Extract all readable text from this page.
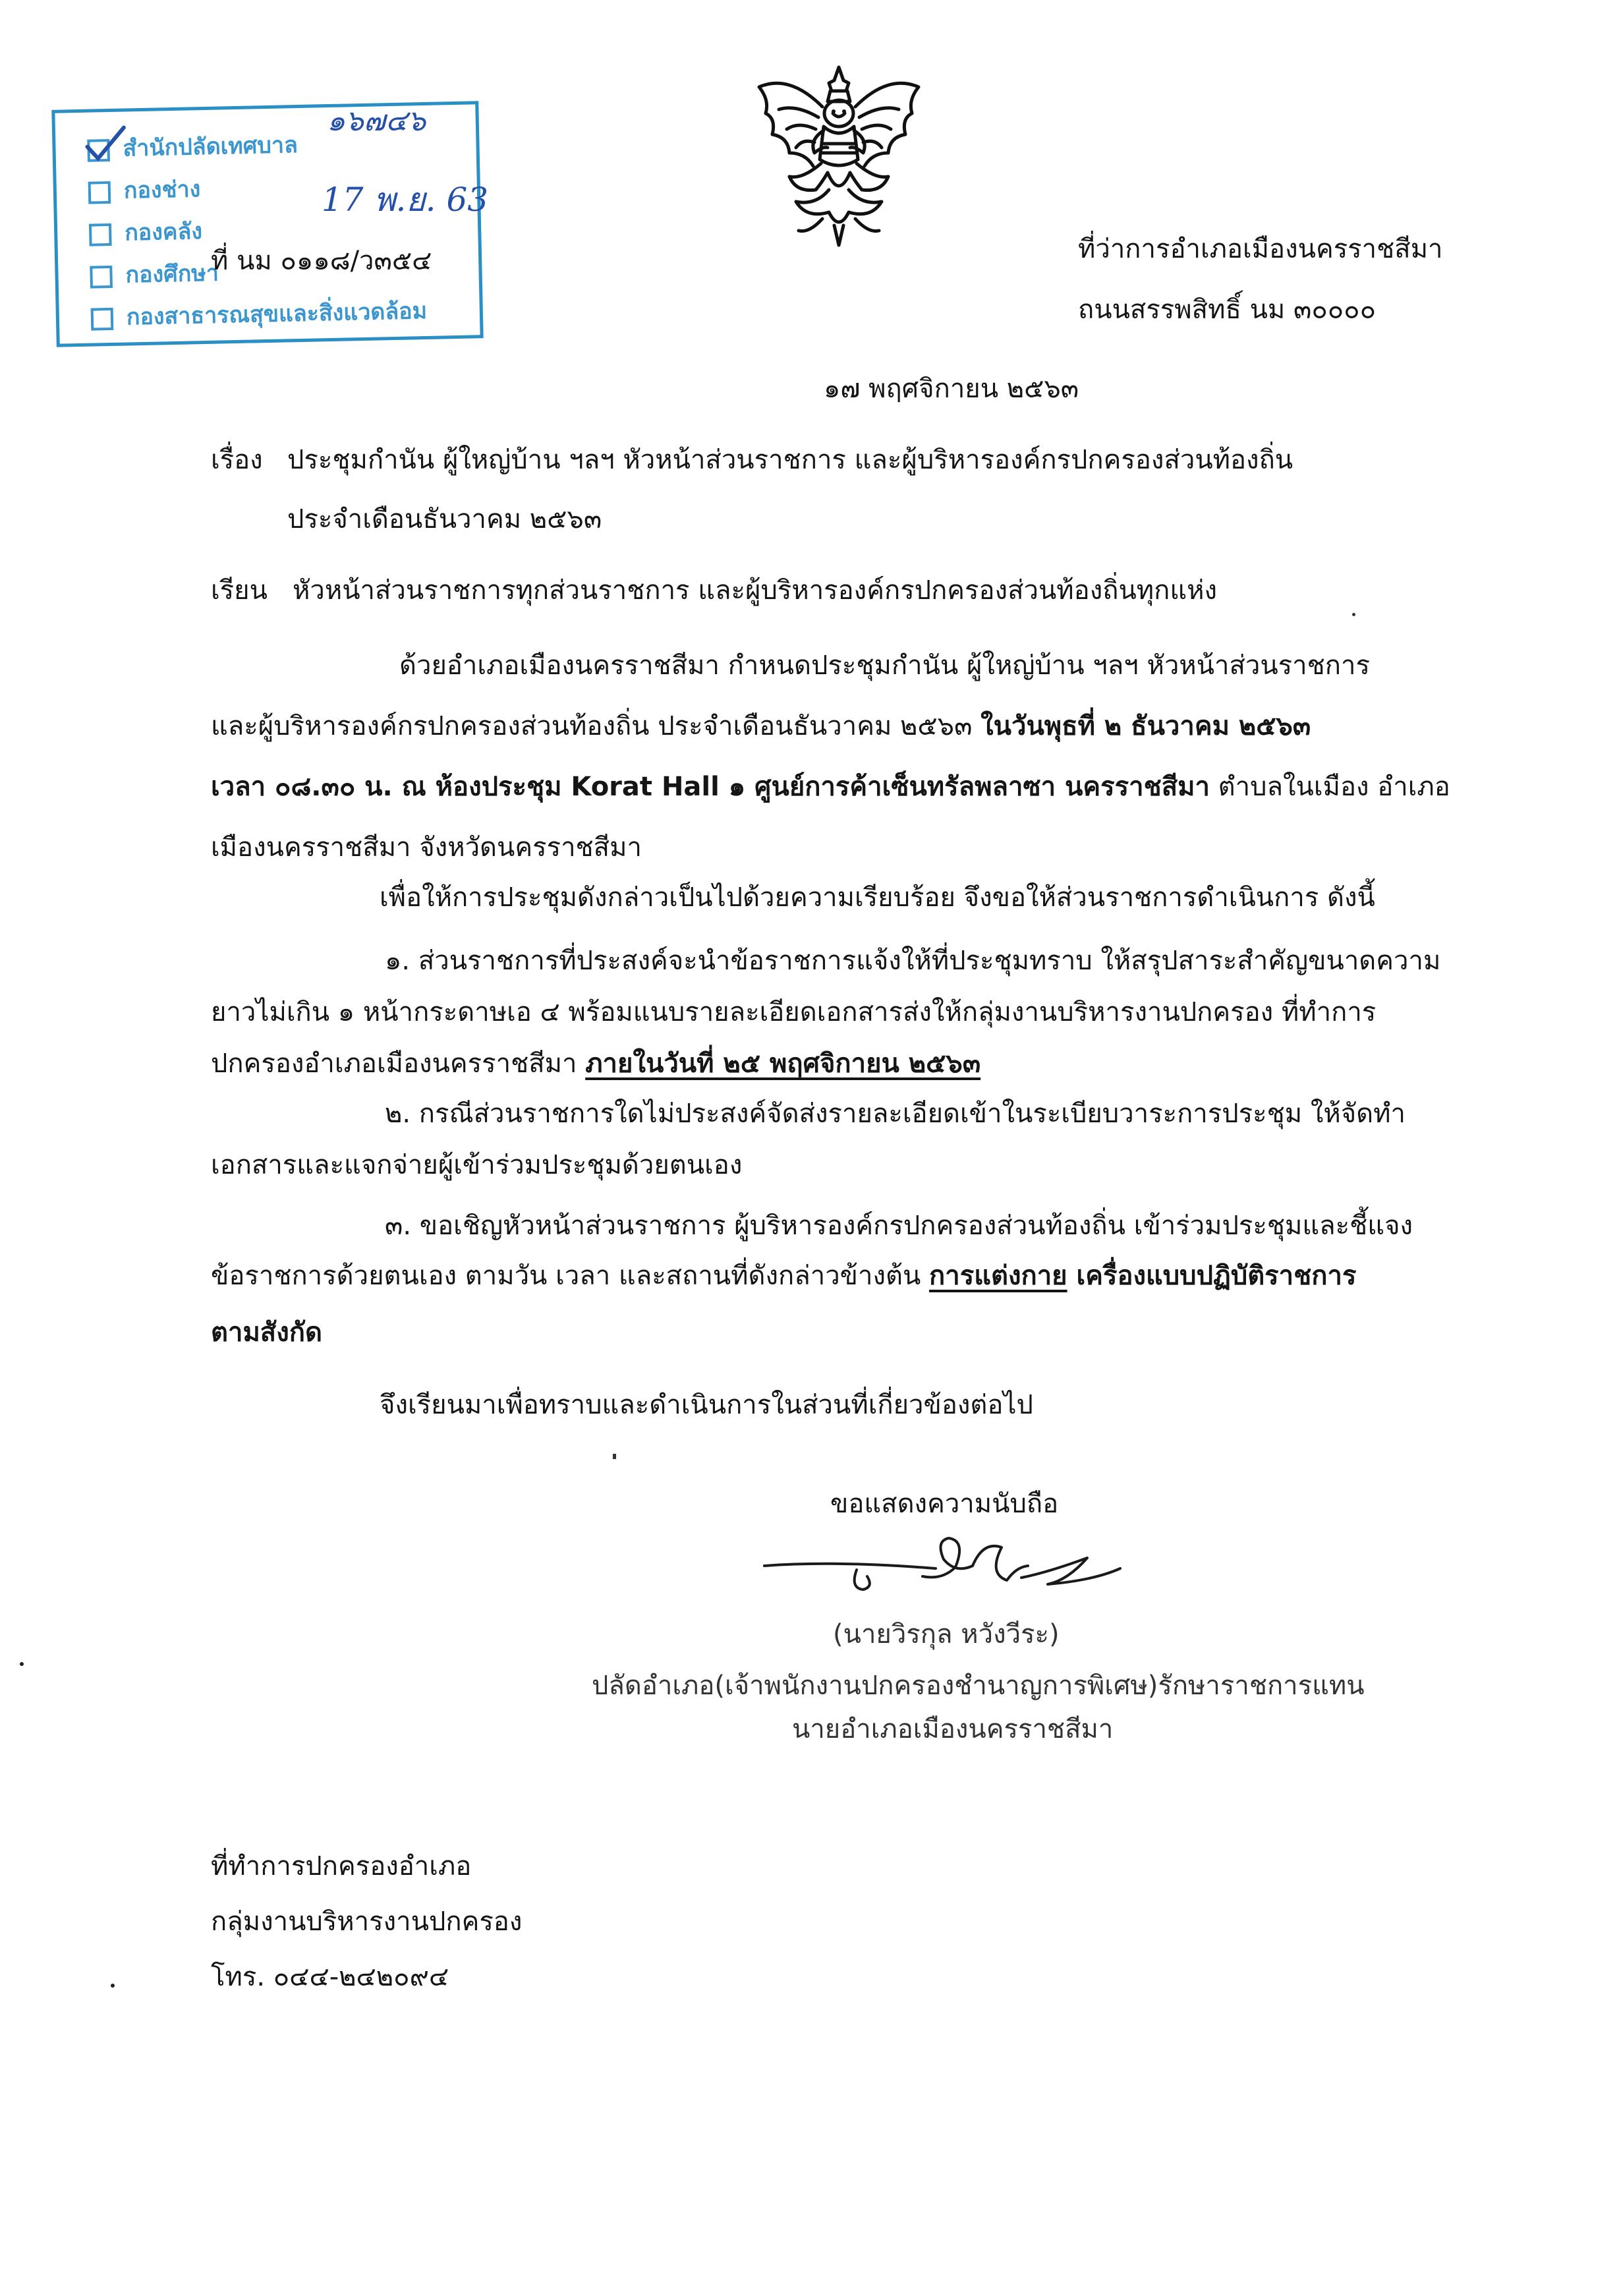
สำนักปลัดเทศบาล
กองช่าง
กองคลัง
กองศึกษา
กองสาธารณสุขและสิ่งแวดล้อม
๑๖๗๔๖
17 พ.ย. 63
ที่ นม ๐๑๑๘/ว๓๕๔	ที่ว่าการอำเภอเมืองนครราชสีมา
ถนนสรรพสิทธิ์ นม ๓๐๐๐๐
๑๗ พฤศจิกายน ๒๕๖๓
เรื่อง ประชุมกำนัน ผู้ใหญ่บ้าน ฯลฯ หัวหน้าส่วนราชการ และผู้บริหารองค์กรปกครองส่วนท้องถิ่น
ประจำเดือนธันวาคม ๒๕๖๓
เรียน หัวหน้าส่วนราชการทุกส่วนราชการ และผู้บริหารองค์กรปกครองส่วนท้องถิ่นทุกแห่ง
ด้วยอำเภอเมืองนครราชสีมา กำหนดประชุมกำนัน ผู้ใหญ่บ้าน ฯลฯ หัวหน้าส่วนราชการ
และผู้บริหารองค์กรปกครองส่วนท้องถิ่น ประจำเดือนธันวาคม ๒๕๖๓ ในวันพุธที่ ๒ ธันวาคม ๒๕๖๓
เวลา ๐๘.๓๐ น. ณ ห้องประชุม Korat Hall ๑ ศูนย์การค้าเซ็นทรัลพลาซา นครราชสีมา ตำบลในเมือง อำเภอ
เมืองนครราชสีมา จังหวัดนครราชสีมา
เพื่อให้การประชุมดังกล่าวเป็นไปด้วยความเรียบร้อย จึงขอให้ส่วนราชการดำเนินการ ดังนี้
๑. ส่วนราชการที่ประสงค์จะนำข้อราชการแจ้งให้ที่ประชุมทราบ ให้สรุปสาระสำคัญขนาดความ
ยาวไม่เกิน ๑ หน้ากระดาษเอ ๔ พร้อมแนบรายละเอียดเอกสารส่งให้กลุ่มงานบริหารงานปกครอง ที่ทำการ
ปกครองอำเภอเมืองนครราชสีมา ภายในวันที่ ๒๕ พฤศจิกายน ๒๕๖๓
๒. กรณีส่วนราชการใดไม่ประสงค์จัดส่งรายละเอียดเข้าในระเบียบวาระการประชุม ให้จัดทำ
เอกสารและแจกจ่ายผู้เข้าร่วมประชุมด้วยตนเอง
๓. ขอเชิญหัวหน้าส่วนราชการ ผู้บริหารองค์กรปกครองส่วนท้องถิ่น เข้าร่วมประชุมและชี้แจง
ข้อราชการด้วยตนเอง ตามวัน เวลา และสถานที่ดังกล่าวข้างต้น การแต่งกาย เครื่องแบบปฏิบัติราชการ
ตามสังกัด
จึงเรียนมาเพื่อทราบและดำเนินการในส่วนที่เกี่ยวข้องต่อไป
ขอแสดงความนับถือ
(นายวิรกุล หวังวีระ)
ปลัดอำเภอ(เจ้าพนักงานปกครองชำนาญการพิเศษ)รักษาราชการแทน
นายอำเภอเมืองนครราชสีมา
ที่ทำการปกครองอำเภอ
กลุ่มงานบริหารงานปกครอง
โทร. ๐๔๔-๒๔๒๐๙๔
